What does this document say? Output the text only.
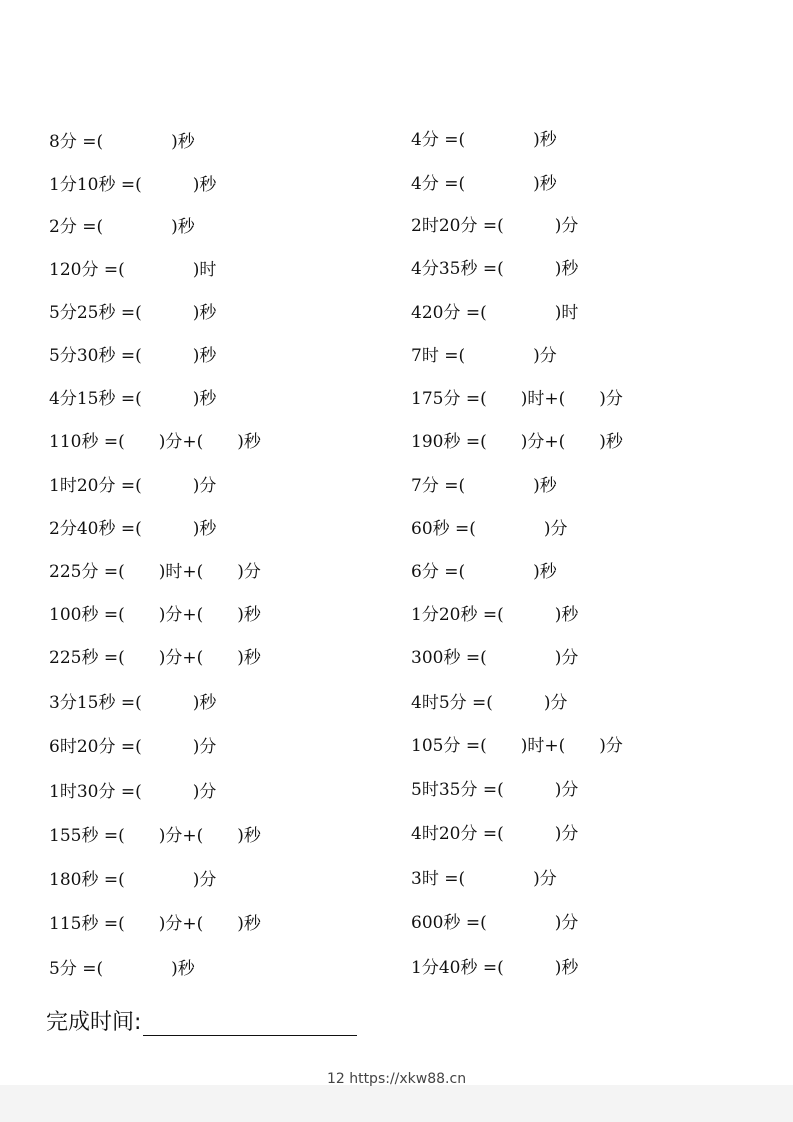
8分 =(　　　　)秒
1分10秒 =(　　　)秒
2分 =(　　　　)秒
120分 =(　　　　)时
5分25秒 =(　　　)秒
5分30秒 =(　　　)秒
4分15秒 =(　　　)秒
110秒 =(　　)分+(　　)秒
1时20分 =(　　　)分
2分40秒 =(　　　)秒
225分 =(　　)时+(　　)分
100秒 =(　　)分+(　　)秒
225秒 =(　　)分+(　　)秒
3分15秒 =(　　　)秒
6时20分 =(　　　)分
1时30分 =(　　　)分
155秒 =(　　)分+(　　)秒
180秒 =(　　　　)分
115秒 =(　　)分+(　　)秒
5分 =(　　　　)秒
4分 =(　　　　)秒
4分 =(　　　　)秒
2时20分 =(　　　)分
4分35秒 =(　　　)秒
420分 =(　　　　)时
7时 =(　　　　)分
175分 =(　　)时+(　　)分
190秒 =(　　)分+(　　)秒
7分 =(　　　　)秒
60秒 =(　　　　)分
6分 =(　　　　)秒
1分20秒 =(　　　)秒
300秒 =(　　　　)分
4时5分 =(　　　)分
105分 =(　　)时+(　　)分
5时35分 =(　　　)分
4时20分 =(　　　)分
3时 =(　　　　)分
600秒 =(　　　　)分
1分40秒 =(　　　)秒
完成时间:
12 https://xkw88.cn
